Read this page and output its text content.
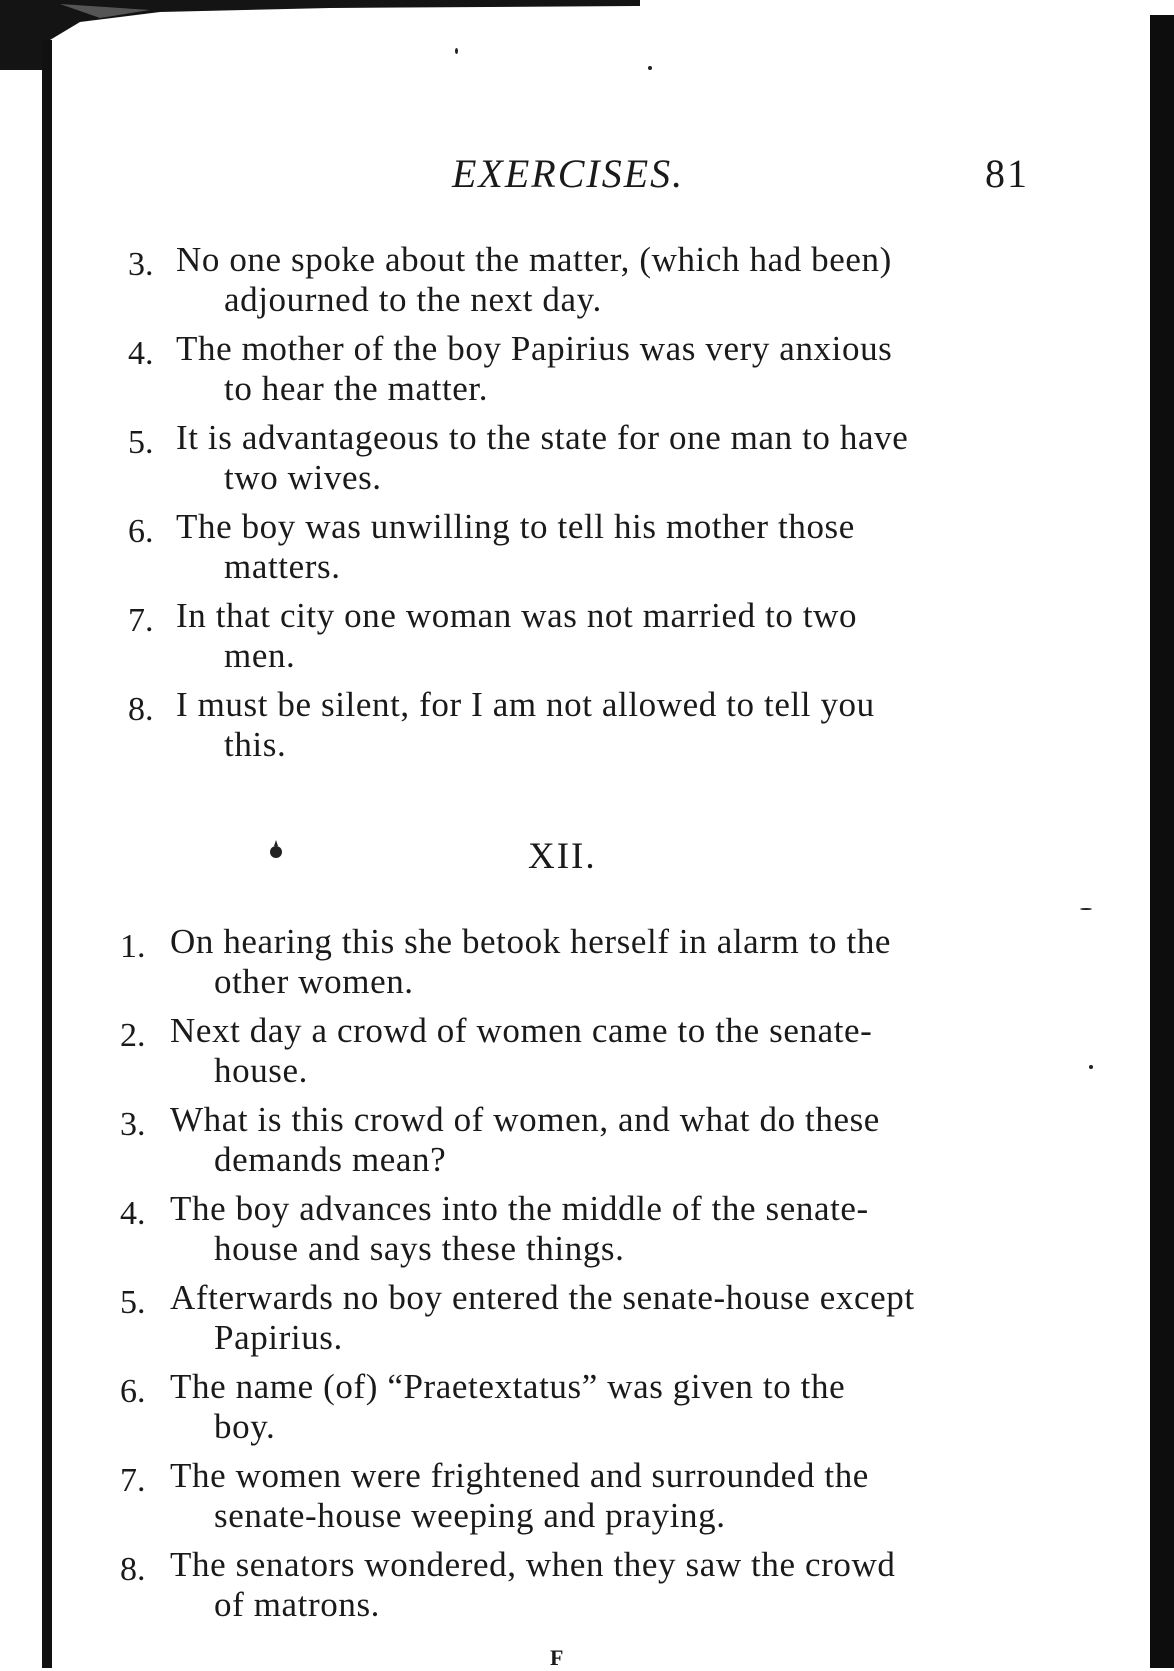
EXERCISES.	81
3. No one spoke about the matter, (which had been)
adjourned to the next day.
4. The mother of the boy Papirius was very anxious
to hear the matter.
5. It is advantageous to the state for one man to have
two wives.
6. The boy was unwilling to tell his mother those
matters.
7. In that city one woman was not married to two
men.
8. I must be silent, for I am not allowed to tell you
this.
XII.
1. On hearing this she betook herself in alarm to the
other women.
2. Next day a crowd of women came to the senate-
house.
3. What is this crowd of women, and what do these
demands mean?
4. The boy advances into the middle of the senate-
house and says these things.
5. Afterwards no boy entered the senate-house except
Papirius.
6. The name (of) “Praetextatus” was given to the
boy.
7. The women were frightened and surrounded the
senate-house weeping and praying.
8. The senators wondered, when they saw the crowd
of matrons.
F
